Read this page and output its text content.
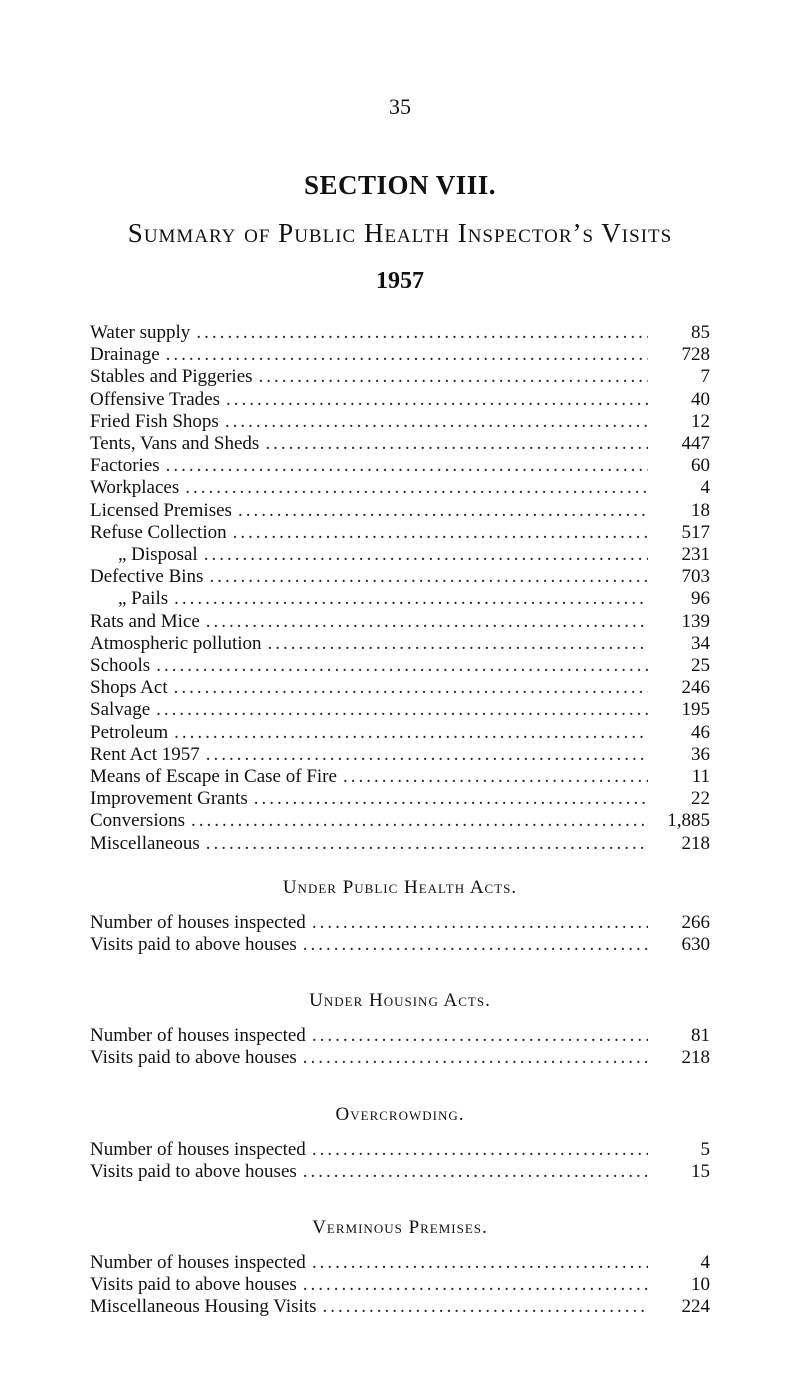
35
SECTION VIII.
Summary of Public Health Inspector’s Visits
1957
Water supply .....	85
Drainage .....	728
Stables and Piggeries .....	7
Offensive Trades .....	40
Fried Fish Shops .....	12
Tents, Vans and Sheds .....	447
Factories .....	60
Workplaces .....	4
Licensed Premises .....	18
Refuse Collection .....	517
„ Disposal .....	231
Defective Bins .....	703
„ Pails .....	96
Rats and Mice .....	139
Atmospheric pollution .....	34
Schools .....	25
Shops Act .....	246
Salvage .....	195
Petroleum .....	46
Rent Act 1957 .....	36
Means of Escape in Case of Fire .....	11
Improvement Grants .....	22
Conversions .....	1,885
Miscellaneous .....	218
Under Public Health Acts.
Number of houses inspected .....	266
Visits paid to above houses .....	630
Under Housing Acts.
Number of houses inspected .....	81
Visits paid to above houses .....	218
Overcrowding.
Number of houses inspected .....	5
Visits paid to above houses .....	15
Verminous Premises.
Number of houses inspected .....	4
Visits paid to above houses .....	10
Miscellaneous Housing Visits .....	224
